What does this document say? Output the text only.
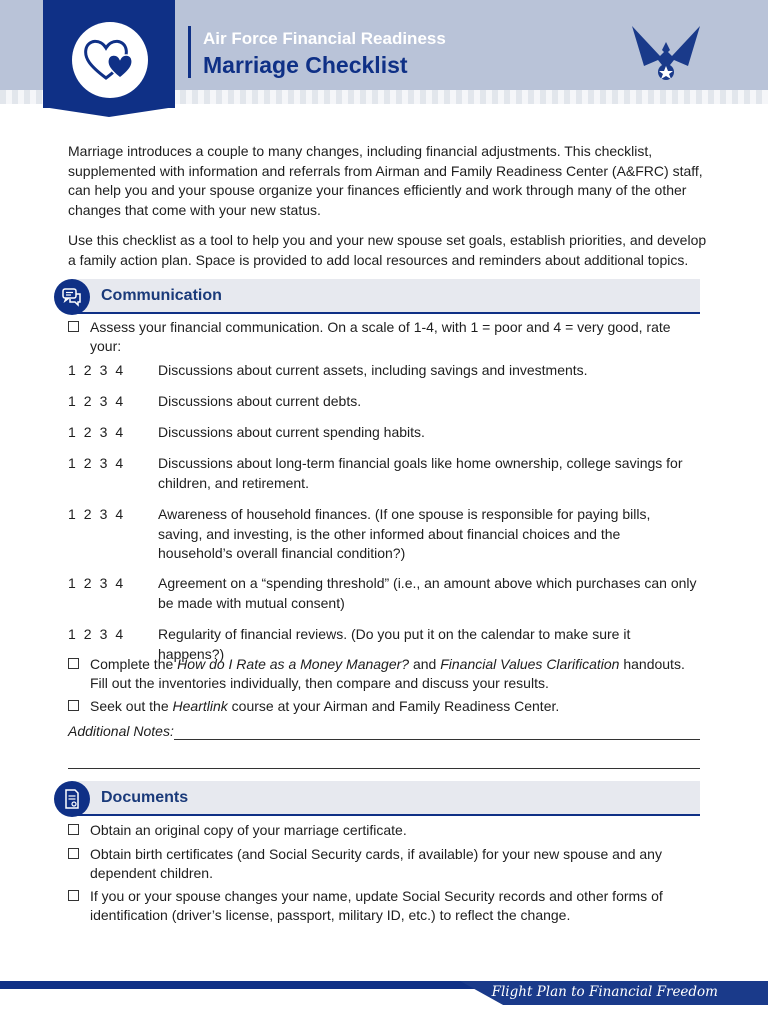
Air Force Financial Readiness
Marriage Checklist

Marriage introduces a couple to many changes, including financial adjustments. This checklist, supplemented with information and referrals from Airman and Family Readiness Center (A&FRC) staff, can help you and your spouse organize your finances efficiently and work through many of the other changes that come with your new status.

Use this checklist as a tool to help you and your new spouse set goals, establish priorities, and develop a family action plan. Space is provided to add local resources and reminders about additional topics.

Communication
Assess your financial communication. On a scale of 1-4, with 1 = poor and 4 = very good, rate your:
1 2 3 4	Discussions about current assets, including savings and investments.
1 2 3 4	Discussions about current debts.
1 2 3 4	Discussions about current spending habits.
1 2 3 4	Discussions about long-term financial goals like home ownership, college savings for children, and retirement.
1 2 3 4	Awareness of household finances. (If one spouse is responsible for paying bills, saving, and investing, is the other informed about financial choices and the household’s overall financial condition?)
1 2 3 4	Agreement on a “spending threshold” (i.e., an amount above which purchases can only be made with mutual consent)
1 2 3 4	Regularity of financial reviews. (Do you put it on the calendar to make sure it happens?)
Complete the How do I Rate as a Money Manager? and Financial Values Clarification handouts. Fill out the inventories individually, then compare and discuss your results.
Seek out the Heartlink course at your Airman and Family Readiness Center.
Additional Notes:
Documents
Obtain an original copy of your marriage certificate.
Obtain birth certificates (and Social Security cards, if available) for your new spouse and any dependent children.
If you or your spouse changes your name, update Social Security records and other forms of identification (driver’s license, passport, military ID, etc.) to reflect the change.
Flight Plan to Financial Freedom
